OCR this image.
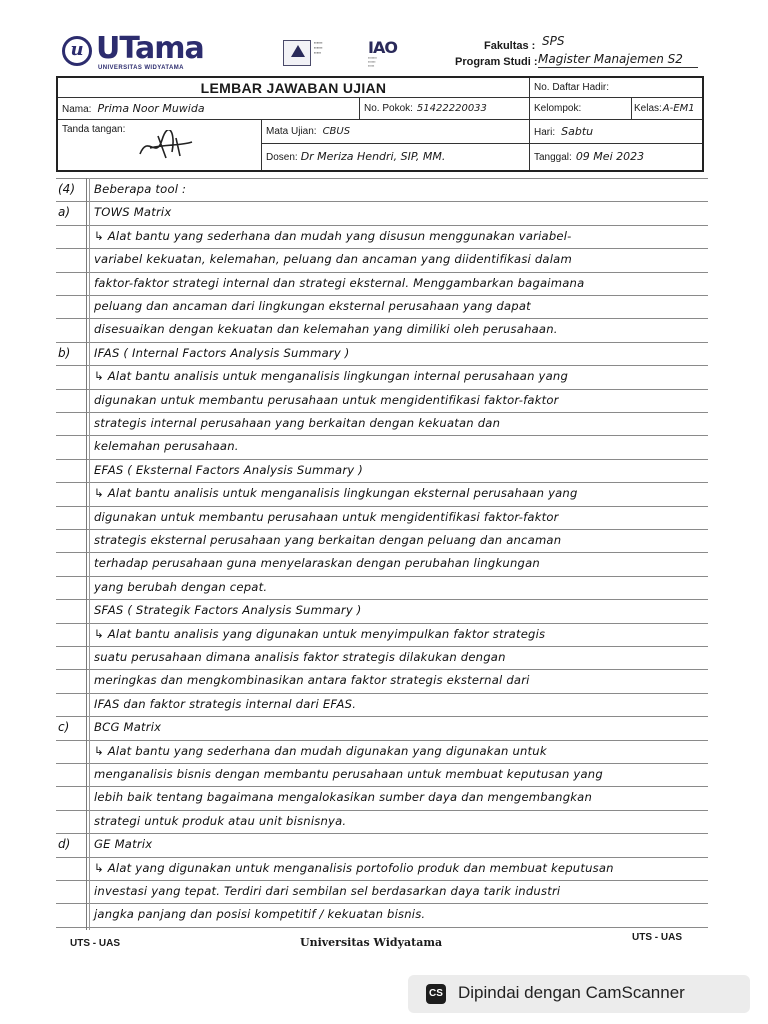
u UTama
UNIVERSITAS WIDYATAMA
▪▪▪▪▪▪
▪▪▪▪▪▪
▪▪▪▪▪	IAO
▪▪▪▪▪▪▪
▪▪▪▪▪▪
▪▪▪▪▪
Fakultas : SPS
Program Studi : Magister Manajemen S2
LEMBAR JAWABAN UJIAN	No. Daftar Hadir:
Nama: Prima Noor Muwida	No. Pokok: 51422220033	Kelompok:	Kelas:A-EM1
Tanda tangan:	Mata Ujian: CBUS	Hari: Sabtu
Dosen: Dr Meriza Hendri, SIP, MM.	Tanggal: 09 Mei 2023
(4) Beberapa tool :
a) TOWS Matrix
↳ Alat bantu yang sederhana dan mudah yang disusun menggunakan variabel-
variabel kekuatan, kelemahan, peluang dan ancaman yang diidentifikasi dalam
faktor-faktor strategi internal dan strategi eksternal. Menggambarkan bagaimana
peluang dan ancaman dari lingkungan eksternal perusahaan yang dapat
disesuaikan dengan kekuatan dan kelemahan yang dimiliki oleh perusahaan.
b) IFAS ( Internal Factors Analysis Summary )
↳ Alat bantu analisis untuk menganalisis lingkungan internal perusahaan yang
digunakan untuk membantu perusahaan untuk mengidentifikasi faktor-faktor
strategis internal perusahaan yang berkaitan dengan kekuatan dan
kelemahan perusahaan.
EFAS ( Eksternal Factors Analysis Summary )
↳ Alat bantu analisis untuk menganalisis lingkungan eksternal perusahaan yang
digunakan untuk membantu perusahaan untuk mengidentifikasi faktor-faktor
strategis eksternal perusahaan yang berkaitan dengan peluang dan ancaman
terhadap perusahaan guna menyelaraskan dengan perubahan lingkungan
yang berubah dengan cepat.
SFAS ( Strategik Factors Analysis Summary )
↳ Alat bantu analisis yang digunakan untuk menyimpulkan faktor strategis
suatu perusahaan dimana analisis faktor strategis dilakukan dengan
meringkas dan mengkombinasikan antara faktor strategis eksternal dari
IFAS dan faktor strategis internal dari EFAS.
c) BCG Matrix
↳ Alat bantu yang sederhana dan mudah digunakan yang digunakan untuk
menganalisis bisnis dengan membantu perusahaan untuk membuat keputusan yang
lebih baik tentang bagaimana mengalokasikan sumber daya dan mengembangkan
strategi untuk produk atau unit bisnisnya.
d) GE Matrix
↳ Alat yang digunakan untuk menganalisis portofolio produk dan membuat keputusan
investasi yang tepat. Terdiri dari sembilan sel berdasarkan daya tarik industri
jangka panjang dan posisi kompetitif / kekuatan bisnis.
UTS - UAS	Universitas Widyatama	UTS - UAS
CS Dipindai dengan CamScanner
